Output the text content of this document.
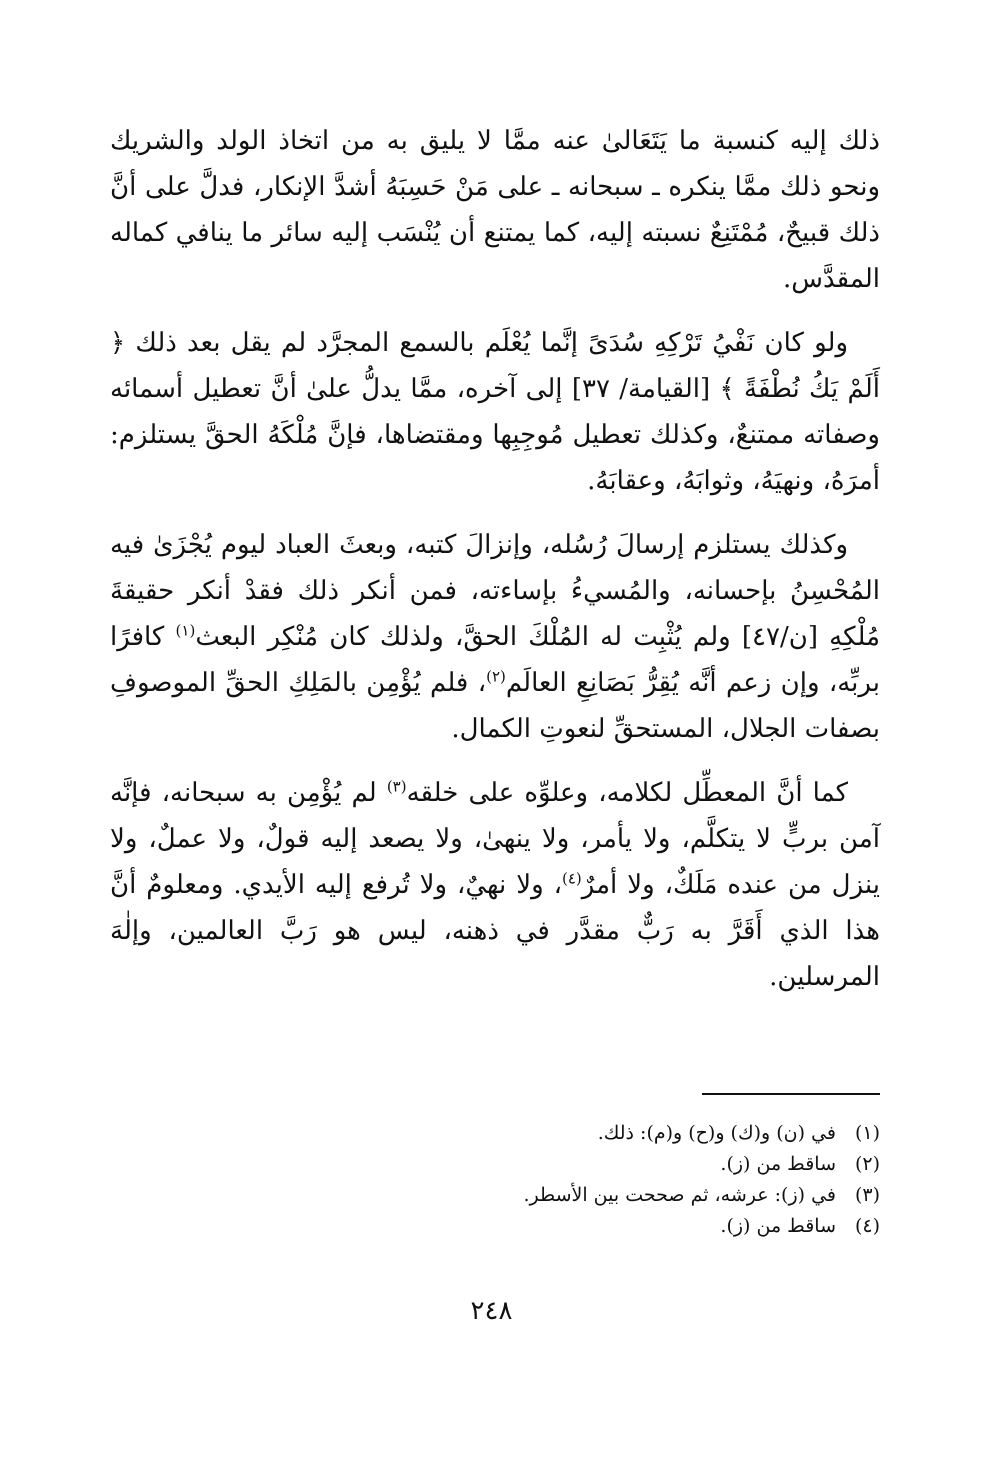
ذلك إليه كنسبة ما يَتَعَالىٰ عنه ممَّا لا يليق به من اتخاذ الولد والشريك ونحو ذلك ممَّا ينكره ـ سبحانه ـ على مَنْ حَسِبَهُ أشدَّ الإنكار، فدلَّ على أنَّ ذلك قبيحٌ، مُمْتَنِعٌ نسبته إليه، كما يمتنع أن يُنْسَب إليه سائر ما ينافي كماله المقدَّس.

ولو كان نَفْيُ تَرْكِهِ سُدَىً إنَّما يُعْلَم بالسمع المجرَّد لم يقل بعد ذلك ﴿ أَلَمْ يَكُ نُطْفَةً ﴾ [القيامة/ ٣٧] إلى آخره، ممَّا يدلُّ علىٰ أنَّ تعطيل أسمائه وصفاته ممتنعٌ، وكذلك تعطيل مُوجِبِها ومقتضاها، فإنَّ مُلْكَهُ الحقَّ يستلزم: أمرَهُ، ونهيَهُ، وثوابَهُ، وعقابَهُ.

وكذلك يستلزم إرسالَ رُسُله، وإنزالَ كتبه، وبعثَ العباد ليوم يُجْزَىٰ فيه المُحْسِنُ بإحسانه، والمُسيءُ بإساءته، فمن أنكر ذلك فقدْ أنكر حقيقةَ مُلْكِهِ [ن/٤٧] ولم يُثْبِت له المُلْكَ الحقَّ، ولذلك كان مُنْكِر البعث$^{(١)}$ كافرًا بربِّه، وإن زعم أنَّه يُقِرُّ بَصَانِعِ العالَم$^{(٢)}$، فلم يُؤْمِن بالمَلِكِ الحقِّ الموصوفِ بصفات الجلال، المستحقِّ لنعوتِ الكمال.

كما أنَّ المعطِّل لكلامه، وعلوِّه على خلقه$^{(٣)}$ لم يُؤْمِن به سبحانه، فإنَّه آمن بربٍّ لا يتكلَّم، ولا يأمر، ولا ينهىٰ، ولا يصعد إليه قولٌ، ولا عملٌ، ولا ينزل من عنده مَلَكٌ، ولا أمرٌ$^{(٤)}$، ولا نهيٌ، ولا تُرفع إليه الأيدي. ومعلومٌ أنَّ هذا الذي أَقَرَّ به رَبٌّ مقدَّر في ذهنه، ليس هو رَبَّ العالمين، وإلٰهَ المرسلين.

(١)
في (ن) و(ك) و(ح) و(م): ذلك.
(٢)
ساقط من (ز).
(٣)
في (ز): عرشه، ثم صححت بين الأسطر.
(٤)
ساقط من (ز).
٢٤٨
